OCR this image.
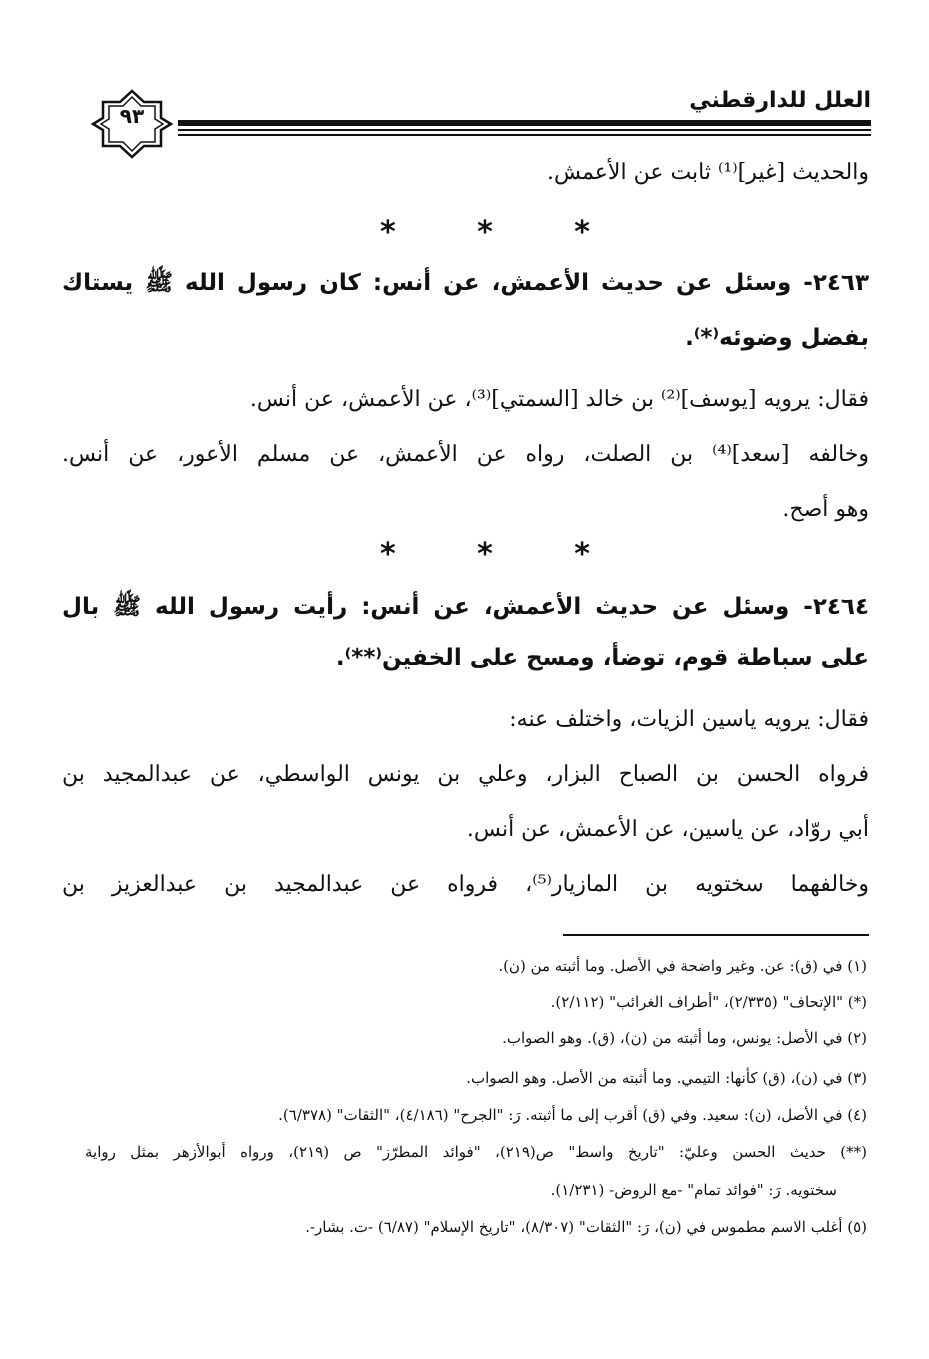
العلل للدارقطني
٩٣

والحديث [غير]⁽¹⁾ ثابت عن الأعمش.

*	*	*

٢٤٦٣- وسئل عن حديث الأعمش، عن أنس: كان رسول الله ﷺ يستاك

بفضل وضوئه⁽*⁾.

فقال: يرويه [يوسف]⁽²⁾ بن خالد [السمتي]⁽³⁾، عن الأعمش، عن أنس.

وخالفه [سعد]⁽⁴⁾ بن الصلت، رواه عن الأعمش، عن مسلم الأعور، عن أنس.

وهو أصح.

*	*	*

٢٤٦٤- وسئل عن حديث الأعمش، عن أنس: رأيت رسول الله ﷺ بال

على سباطة قوم، توضأ، ومسح على الخفين⁽**⁾.

فقال: يرويه ياسين الزيات، واختلف عنه:

فرواه الحسن بن الصباح البزار، وعلي بن يونس الواسطي، عن عبدالمجيد بن

أبي روّاد، عن ياسين، عن الأعمش، عن أنس.

وخالفهما سختويه بن المازيار⁽⁵⁾، فرواه عن عبدالمجيد بن عبدالعزيز بن

(١) في (ق): عن. وغير واضحة في الأصل. وما أثبته من (ن).

(*) "الإتحاف" (٢/٣٣٥)، "أطراف الغرائب" (٢/١١٢).

(٢) في الأصل: يونس، وما أثبته من (ن)، (ق). وهو الصواب.

(٣) في (ن)، (ق) كأنها: التيمي. وما أثبته من الأصل. وهو الصواب.

(٤) في الأصل، (ن): سعيد. وفي (ق) أقرب إلى ما أثبته. رَ: "الجرح" (٤/١٨٦)، "الثقات" (٦/٣٧٨).

(**) حديث الحسن وعليّ: "تاريخ واسط" ص(٢١٩)، "فوائد المطرّز" ص (٢١٩)، ورواه أبوالأزهر بمثل رواية

سختويه. رَ: "فوائد تمام" -مع الروض- (١/٢٣١).

(٥) أغلب الاسم مطموس في (ن)، رَ: "الثقات" (٨/٣٠٧)، "تاريخ الإسلام" (٦/٨٧) -ت. بشار-.
